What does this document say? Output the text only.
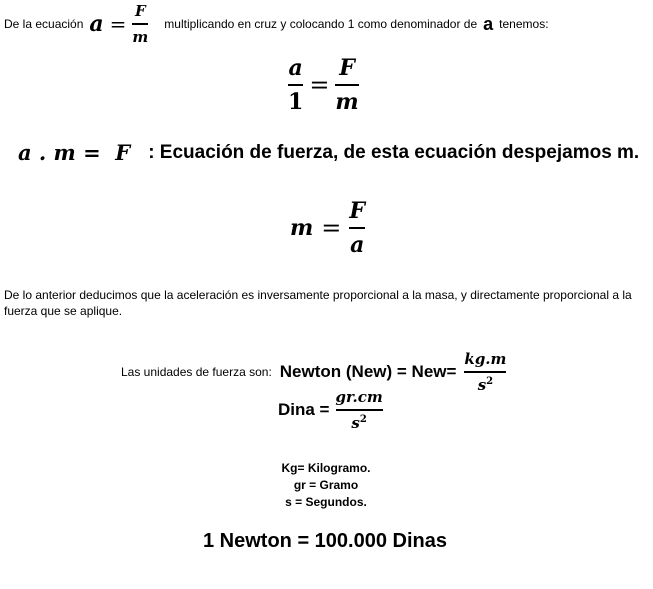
De la ecuación $a = \frac{F}{m}$ multiplicando en cruz y colocando 1 como denominador de a tenemos:
$\frac{a}{1} = \frac{F}{m}$
a . m =  F : Ecuación de fuerza, de esta ecuación despejamos m.
$m = \frac{F}{a}$
De lo anterior deducimos que la aceleración es inversamente proporcional a la masa, y directamente proporcional a la fuerza que se aplique.
Las unidades de fuerza son: Newton $(New) = New= \frac{kg.m}{s^2}$
Dina = $\frac{gr.cm}{s^2}$
Kg= Kilogramo.
gr = Gramo
s = Segundos.
1 Newton = 100.000 Dinas
